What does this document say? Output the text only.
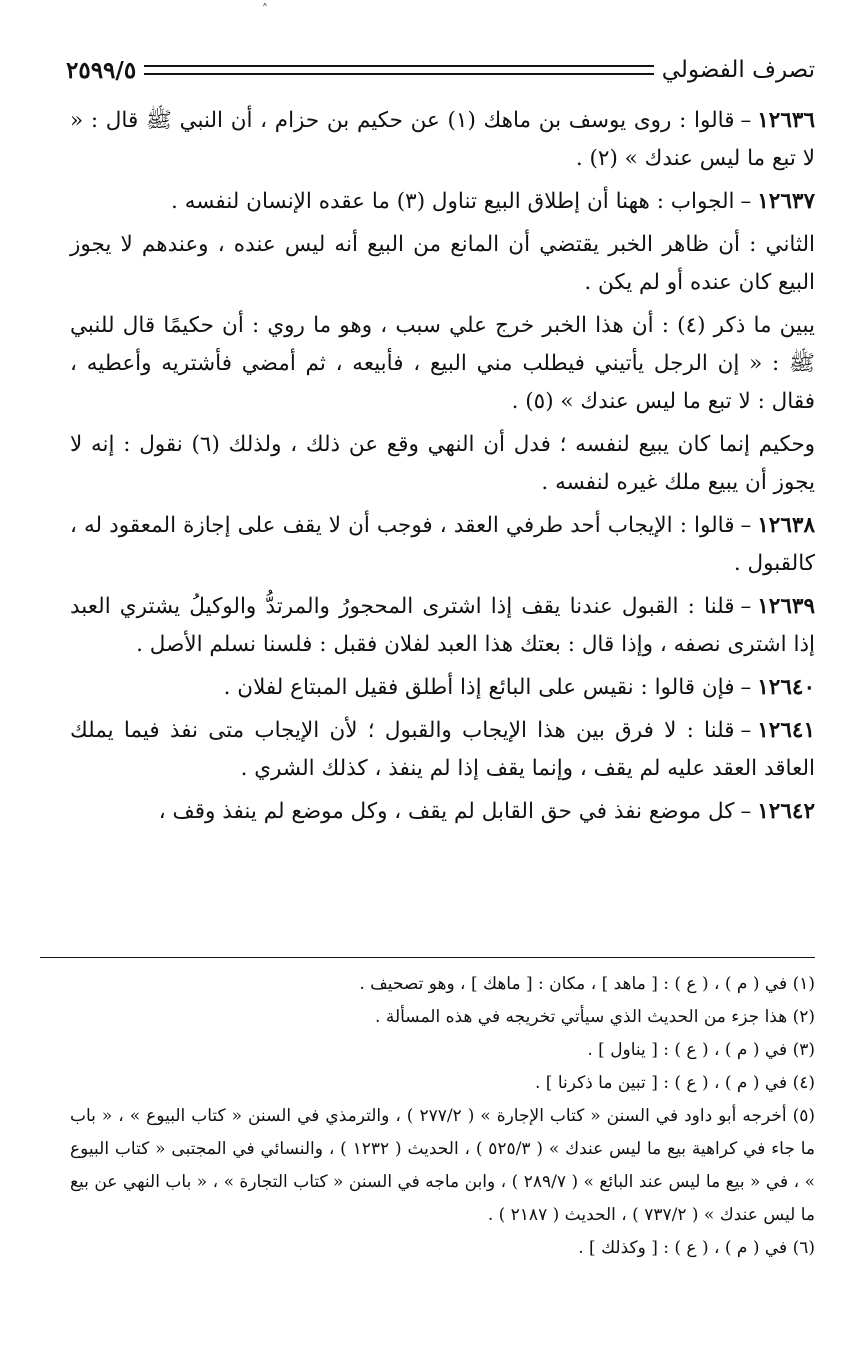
˄
تصرف الفضولي
٢٥٩٩/٥

١٢٦٣٦–قالوا : روى يوسف بن ماهك (١) عن حكيم بن حزام ، أن النبي ﷺ قال : « لا تبع ما ليس عندك » (٢) .

١٢٦٣٧–الجواب : ههنا أن إطلاق البيع تناول (٣) ما عقده الإنسان لنفسه .

الثاني : أن ظاهر الخبر يقتضي أن المانع من البيع أنه ليس عنده ، وعندهم لا يجوز البيع كان عنده أو لم يكن .

يبين ما ذكر (٤) : أن هذا الخبر خرج علي سبب ، وهو ما روي : أن حكيمًا قال للنبي ﷺ : « إن الرجل يأتيني فيطلب مني البيع ، فأبيعه ، ثم أمضي فأشتريه وأعطيه ، فقال : لا تبع ما ليس عندك » (٥) .

وحكيم إنما كان يبيع لنفسه ؛ فدل أن النهي وقع عن ذلك ، ولذلك (٦) نقول : إنه لا يجوز أن يبيع ملك غيره لنفسه .

١٢٦٣٨–قالوا : الإيجاب أحد طرفي العقد ، فوجب أن لا يقف على إجازة المعقود له ، كالقبول .

١٢٦٣٩–قلنا : القبول عندنا يقف إذا اشترى المحجورُ والمرتدُّ والوكيلُ يشتري العبد إذا اشترى نصفه ، وإذا قال : بعتك هذا العبد لفلان فقبل : فلسنا نسلم الأصل .

١٢٦٤٠–فإن قالوا : نقيس على البائع إذا أطلق فقيل المبتاع لفلان .

١٢٦٤١–قلنا : لا فرق بين هذا الإيجاب والقبول ؛ لأن الإيجاب متى نفذ فيما يملك العاقد العقد عليه لم يقف ، وإنما يقف إذا لم ينفذ ، كذلك الشري .

١٢٦٤٢–كل موضع نفذ في حق القابل لم يقف ، وكل موضع لم ينفذ وقف ،

(١) في ( م ) ، ( ع ) : [ ماهد ] ، مكان : [ ماهك ] ، وهو تصحيف .

(٢) هذا جزء من الحديث الذي سيأتي تخريجه في هذه المسألة .

(٣) في ( م ) ، ( ع ) : [ يناول ] .

(٤) في ( م ) ، ( ع ) : [ تبين ما ذكرنا ] .

(٥) أخرجه أبو داود في السنن « كتاب الإجارة » ( ٢٧٧/٢ ) ، والترمذي في السنن « كتاب البيوع » ، « باب ما جاء في كراهية بيع ما ليس عندك » ( ٥٢٥/٣ ) ، الحديث ( ١٢٣٢ ) ، والنسائي في المجتبى « كتاب البيوع » ، في « بيع ما ليس عند البائع » ( ٢٨٩/٧ ) ، وابن ماجه في السنن « كتاب التجارة » ، « باب النهي عن بيع ما ليس عندك » ( ٧٣٧/٢ ) ، الحديث ( ٢١٨٧ ) .

(٦) في ( م ) ، ( ع ) : [ وكذلك ] .
